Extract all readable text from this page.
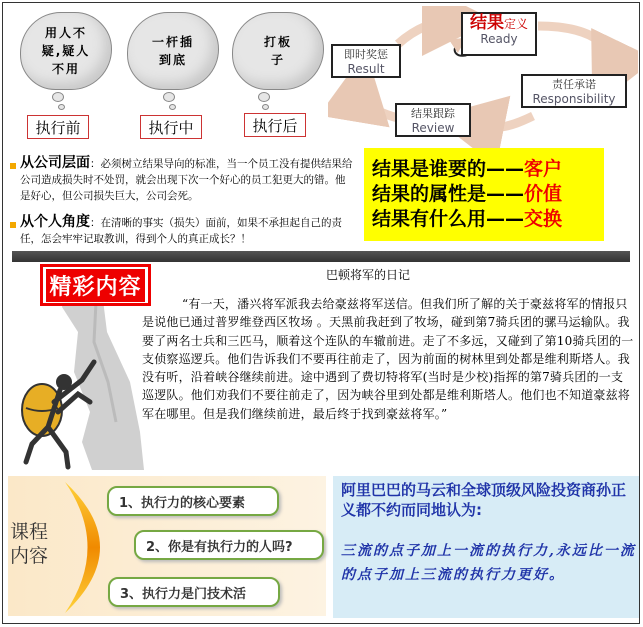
用人不
疑,疑人
不用
执行前
一杆插
到底
执行中
打板
子
执行后
结果定义
Ready
即时奖惩
Result
责任承诺
Responsibility
结果跟踪
Review
从公司层面：必须树立结果导向的标准，当一个员工没有提供结果给公司造成损失时不处罚，就会出现下次一个好心的员工犯更大的错。他是好心，但公司损失巨大，公司会死。
从个人角度：在清晰的事实（损失）面前，如果不承担起自己的责任，怎会牢牢记取教训，得到个人的真正成长？！
结果是谁要的——客户
结果的属性是——价值
结果有什么用——交换
精彩内容	巴顿将军的日记
“有一天，潘兴将军派我去给豪兹将军送信。但我们所了解的关于豪兹将军的情报只是说他已通过普罗维登西区牧场 。天黑前我赶到了牧场，碰到第7骑兵团的骡马运输队。我要了两名士兵和三匹马，顺着这个连队的车辙前进。走了不多远，又碰到了第10骑兵团的一支侦察巡逻兵。他们告诉我们不要再往前走了，因为前面的树林里到处都是维利斯塔人。我没有听，沿着峡谷继续前进。途中遇到了费切特将军(当时是少校)指挥的第7骑兵团的一支巡逻队。他们劝我们不要往前走了，因为峡谷里到处都是维利斯塔人。他们也不知道豪兹将军在哪里。但是我们继续前进，最后终于找到豪兹将军。”
课程
内容
1、执行力的核心要素
2、你是有执行力的人吗?
3、执行力是门技术活
阿里巴巴的马云和全球顶级风险投资商孙正义都不约而同地认为:
三流的点子加上一流的执行力,永远比一流的点子加上三流的执行力更好。
